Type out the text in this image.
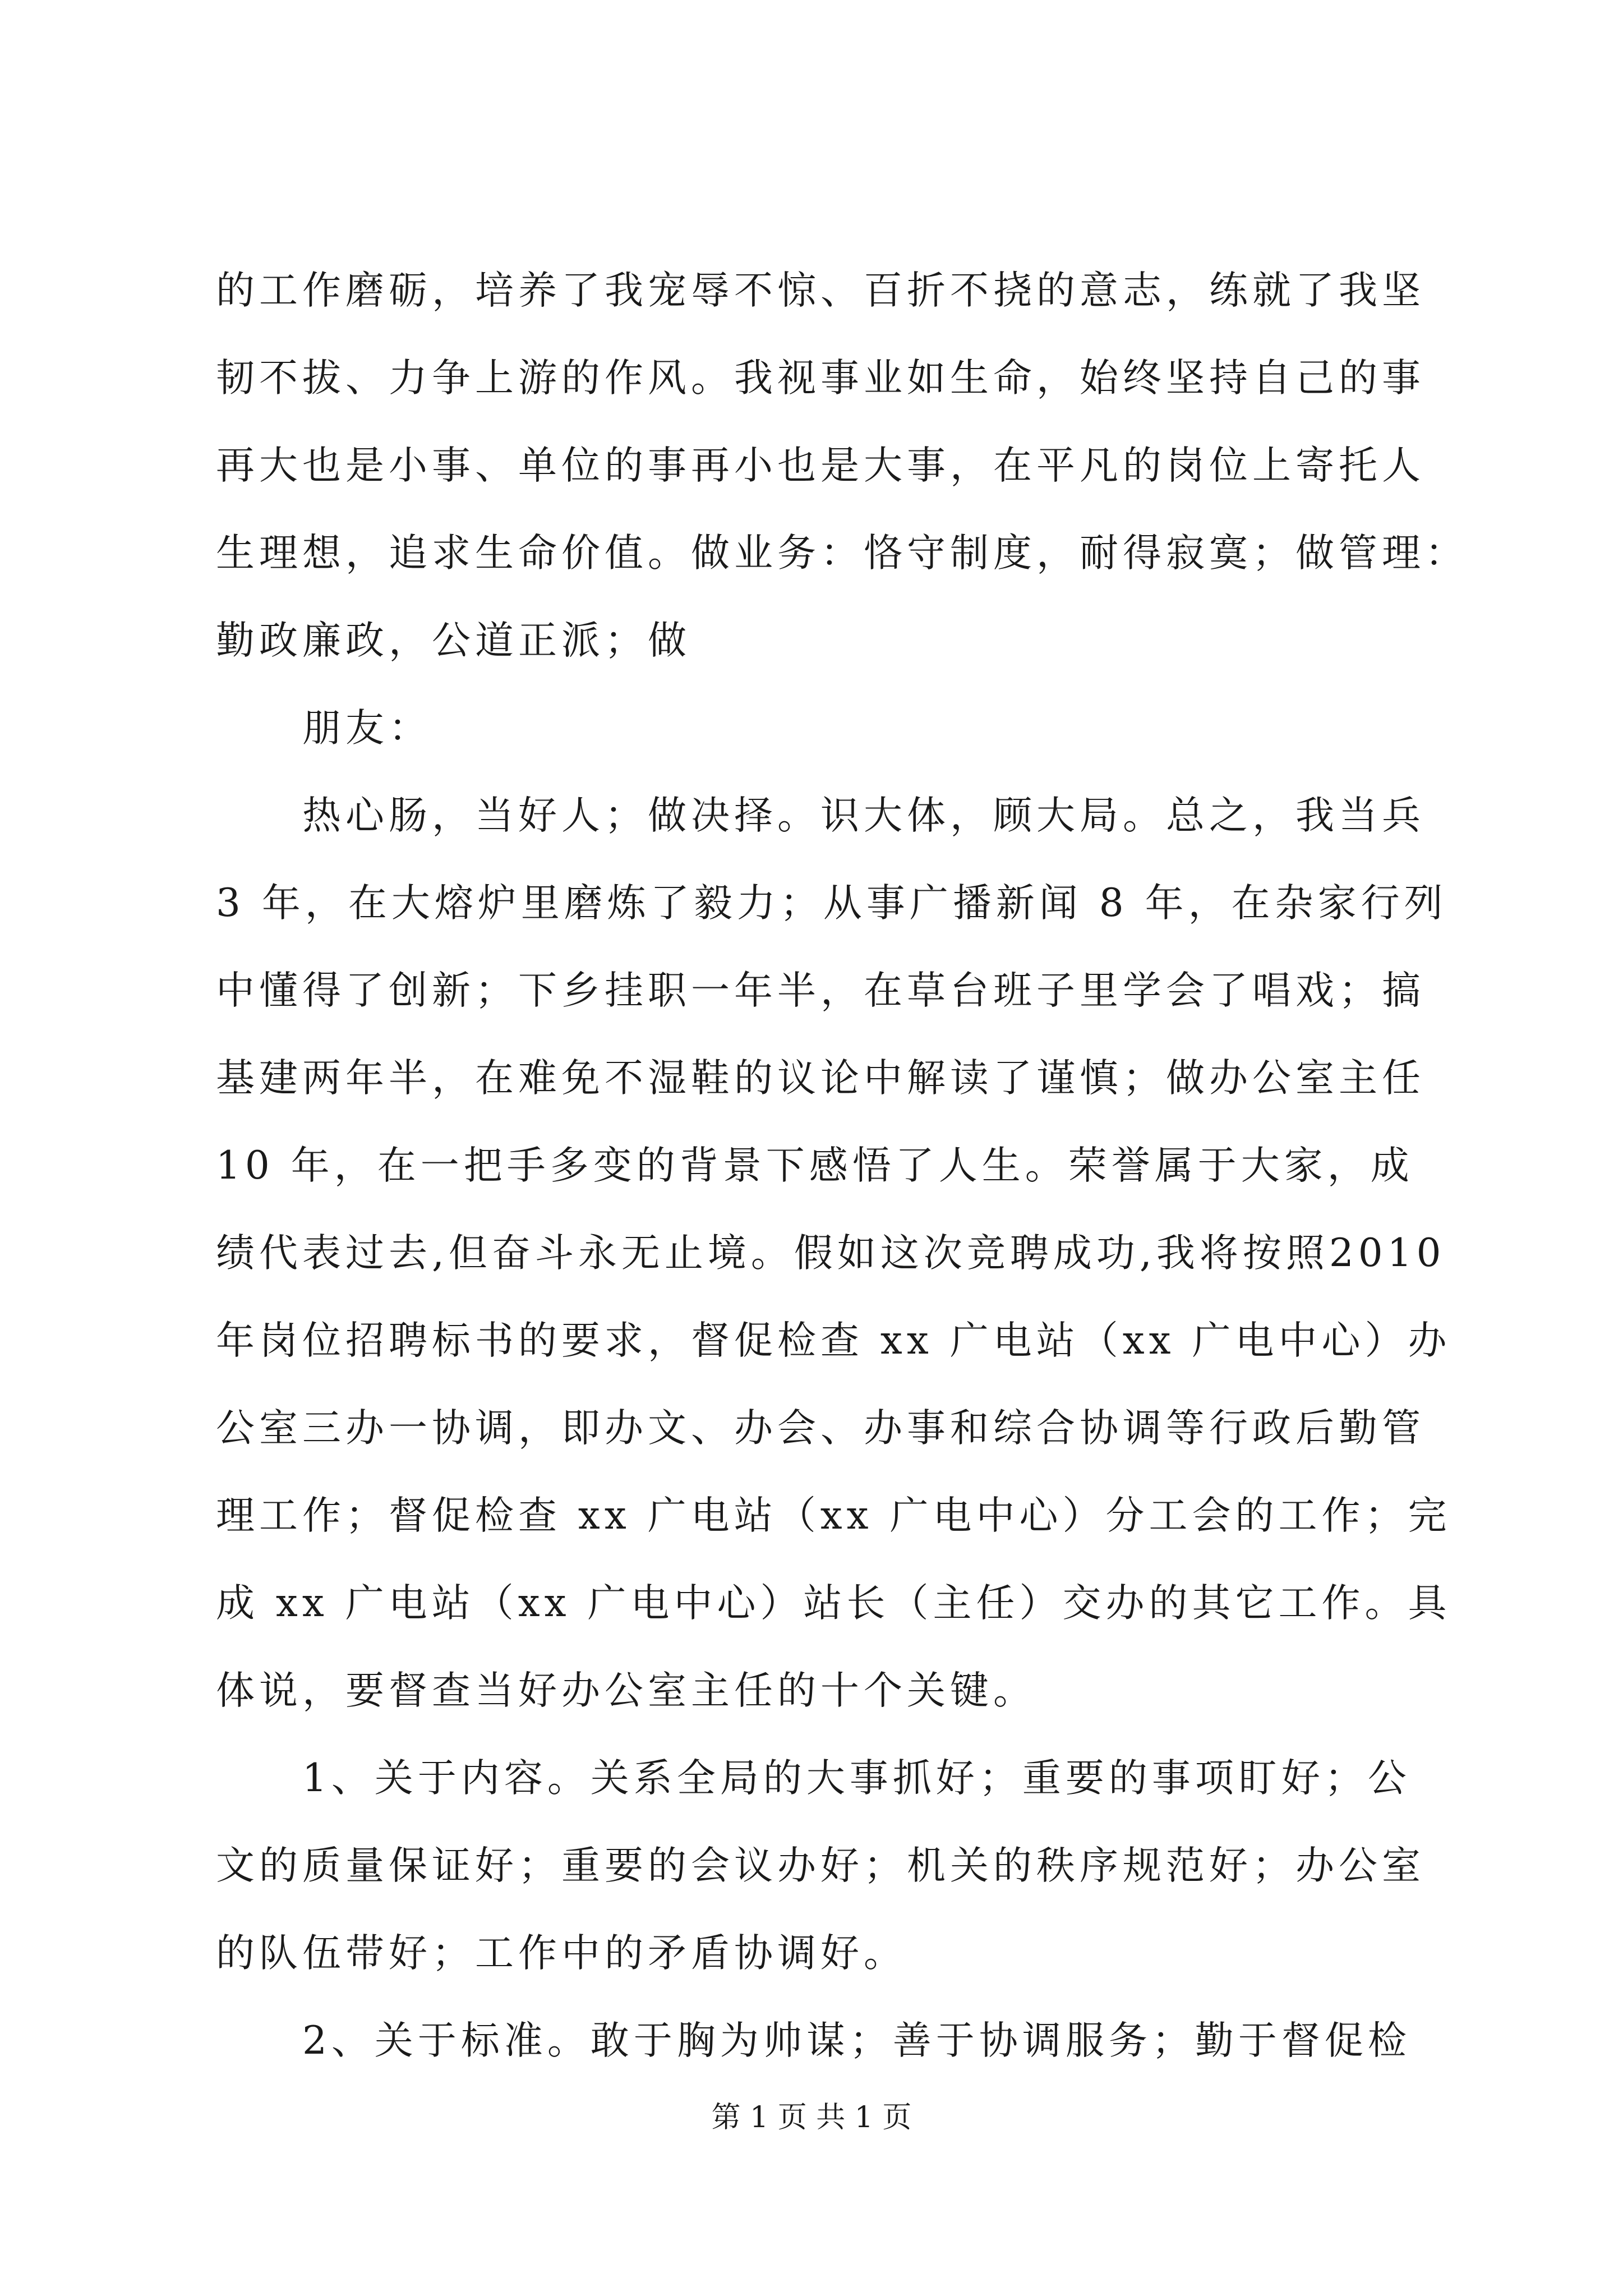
的工作磨砺，培养了我宠辱不惊、百折不挠的意志，练就了我坚
韧不拔、力争上游的作风。我视事业如生命，始终坚持自己的事
再大也是小事、单位的事再小也是大事，在平凡的岗位上寄托人
生理想，追求生命价值。做业务：恪守制度，耐得寂寞；做管理：
勤政廉政，公道正派；做
朋友：
热心肠，当好人；做决择。识大体，顾大局。总之，我当兵
3 年，在大熔炉里磨炼了毅力；从事广播新闻 8 年，在杂家行列
中懂得了创新；下乡挂职一年半，在草台班子里学会了唱戏；搞
基建两年半，在难免不湿鞋的议论中解读了谨慎；做办公室主任
10 年，在一把手多变的背景下感悟了人生。荣誉属于大家，成
绩代表过去,但奋斗永无止境。假如这次竞聘成功,我将按照2010
年岗位招聘标书的要求，督促检查 xx 广电站（xx 广电中心）办
公室三办一协调，即办文、办会、办事和综合协调等行政后勤管
理工作；督促检查 xx 广电站（xx 广电中心）分工会的工作；完
成 xx 广电站（xx 广电中心）站长（主任）交办的其它工作。具
体说，要督查当好办公室主任的十个关键。
1、关于内容。关系全局的大事抓好；重要的事项盯好；公
文的质量保证好；重要的会议办好；机关的秩序规范好；办公室
的队伍带好；工作中的矛盾协调好。
2、关于标准。敢于胸为帅谋；善于协调服务；勤于督促检
第 1 页 共 1 页
